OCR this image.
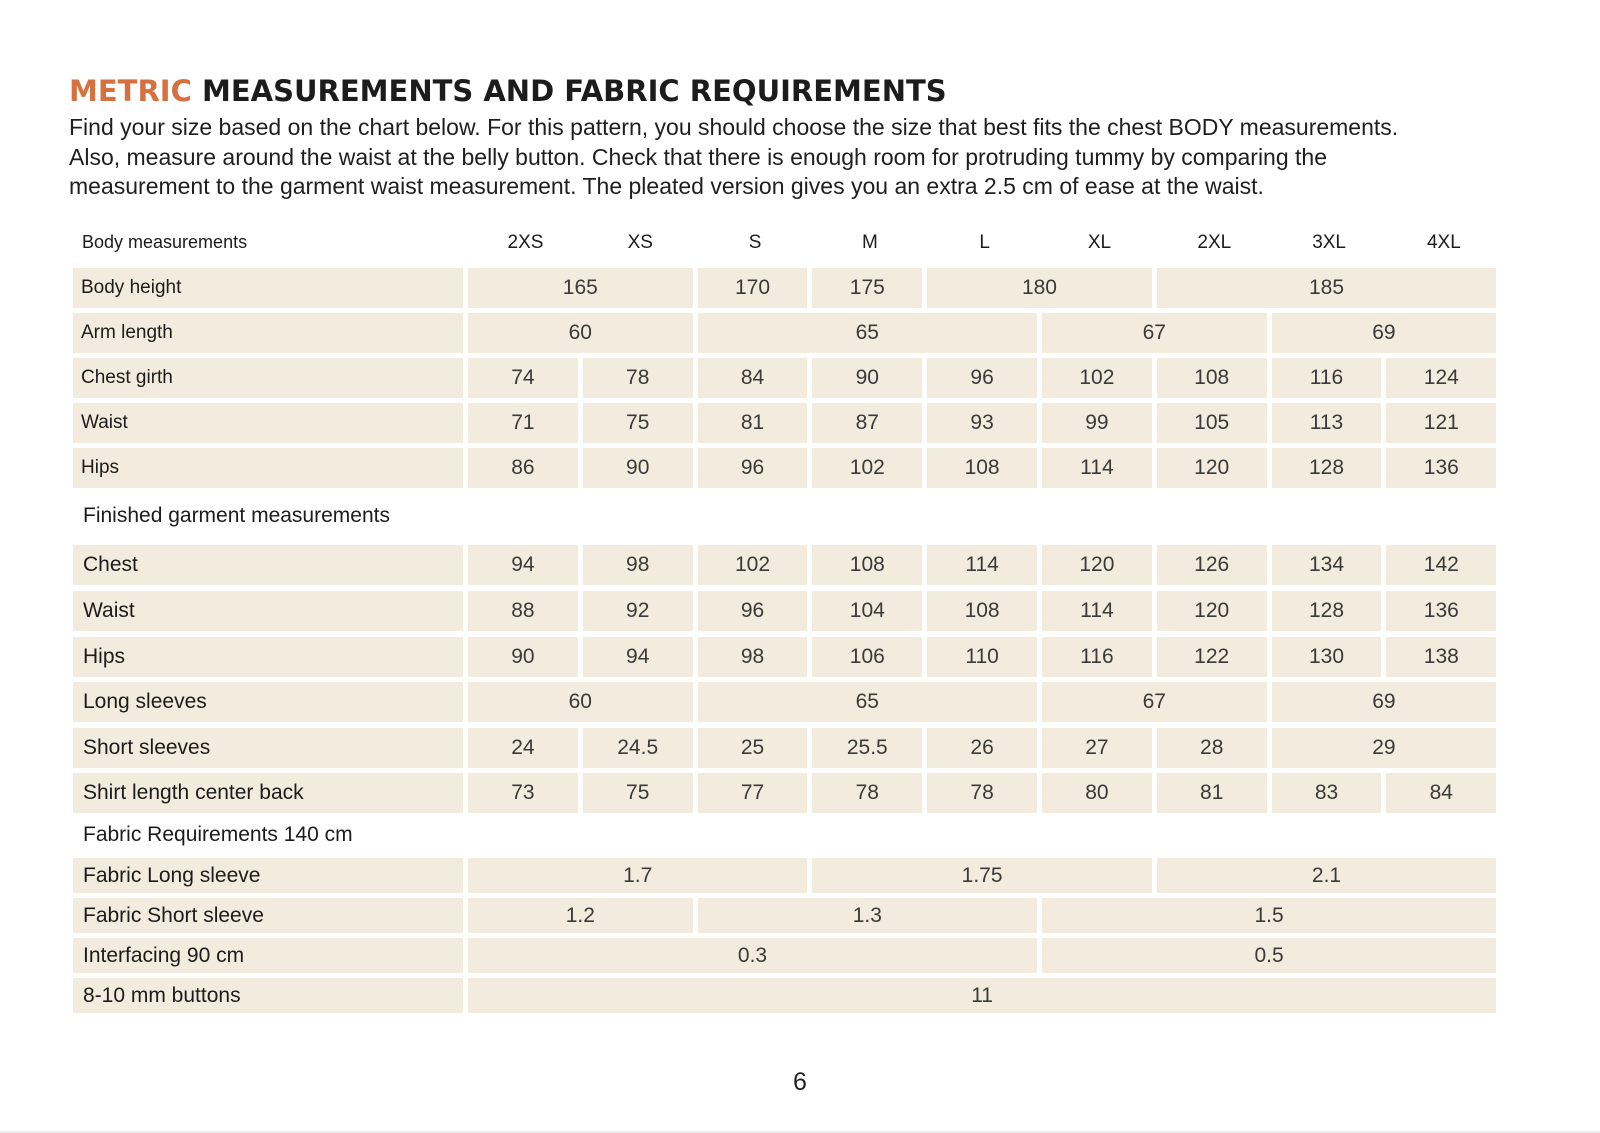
METRIC MEASUREMENTS AND FABRIC REQUIREMENTS

Find your size based on the chart below. For this pattern, you should choose the size that best fits the chest BODY measurements.

Also, measure around the waist at the belly button. Check that there is enough room for protruding tummy by comparing the

measurement to the garment waist measurement. The pleated version gives you an extra 2.5 cm of ease at the waist.

Body measurements	2XS	XS	S	M	L	XL	2XL	3XL	4XL
Body height	165	170	175	180	185
Arm length	60	65	67	69
Chest girth	74	78	84	90	96	102	108	116	124
Waist	71	75	81	87	93	99	105	113	121
Hips	86	90	96	102	108	114	120	128	136
Finished garment measurements
Chest	94	98	102	108	114	120	126	134	142
Waist	88	92	96	104	108	114	120	128	136
Hips	90	94	98	106	110	116	122	130	138
Long sleeves	60	65	67	69
Short sleeves	24	24.5	25	25.5	26	27	28	29
Shirt length center back	73	75	77	78	78	80	81	83	84
Fabric Requirements 140 cm
Fabric Long sleeve	1.7	1.75	2.1
Fabric Short sleeve	1.2	1.3	1.5
Interfacing 90 cm	0.3	0.5
8-10 mm buttons	11
6
